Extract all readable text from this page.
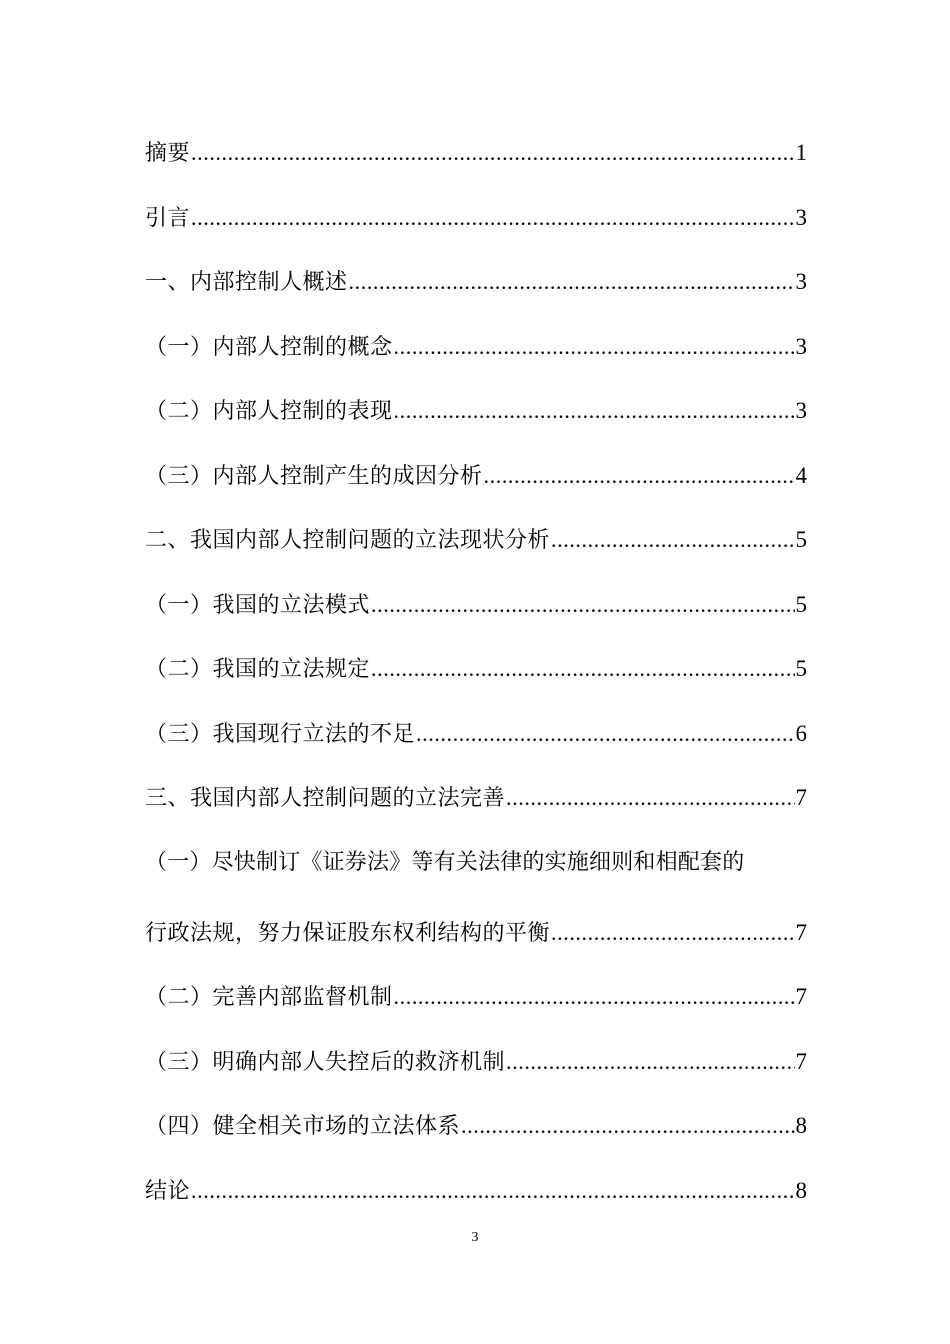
摘要 .....	1
引言 .....	3
一、内部控制人概述 .....	3
（一）内部人控制的概念 .....	3
（二）内部人控制的表现 .....	3
（三）内部人控制产生的成因分析 .....	4
二、我国内部人控制问题的立法现状分析 .....	5
（一）我国的立法模式 .....	5
（二）我国的立法规定 .....	5
（三）我国现行立法的不足 .....	6
三、我国内部人控制问题的立法完善 .....	7
（一）尽快制订《证券法》等有关法律的实施细则和相配套的
行政法规，努力保证股东权利结构的平衡 .....	7
（二）完善内部监督机制 .....	7
（三）明确内部人失控后的救济机制 .....	7
（四）健全相关市场的立法体系 .....	8
结论 .....	8
3
